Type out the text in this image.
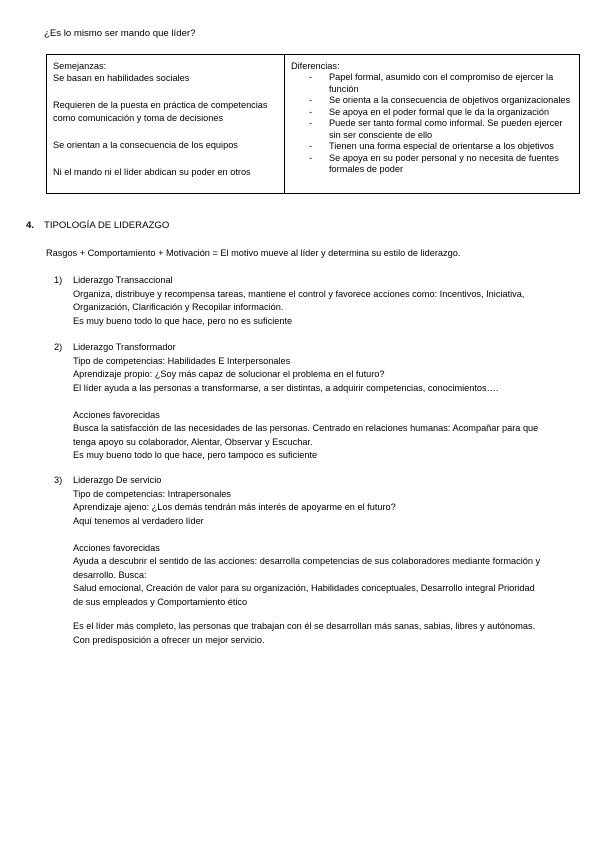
¿Es lo mismo ser mando que líder?
Semejanzas:
Se basan en habilidades sociales
Requieren de la puesta en práctica de competencias como comunicación y toma de decisiones
Se orientan a la consecuencia de los equipos
Ni el mando ni el líder abdican su poder en otros

Diferencias:
- Papel formal, asumido con el compromiso de ejercer la función
- Se orienta a la consecuencia de objetivos organizacionales
- Se apoya en el poder formal que le da la organización
- Puede ser tanto formal como informal. Se pueden ejercer sin ser consciente de ello
- Tienen una forma especial de orientarse a los objetivos
- Se apoya en su poder personal y no necesita de fuentes formales de poder
4. TIPOLOGÍA DE LIDERAZGO
Rasgos + Comportamiento + Motivación = El motivo mueve al líder y determina su estilo de liderazgo.
1)	Liderazgo Transaccional
Organiza, distribuye y recompensa tareas, mantiene el control y favorece acciones como: Incentivos, Iniciativa,
Organización, Clarificación y Recopilar información.
Es muy bueno todo lo que hace, pero no es suficiente
2)	Liderazgo Transformador
Tipo de competencias: Habilidades E Interpersonales
Aprendizaje propio: ¿Soy más capaz de solucionar el problema en el futuro?
El líder ayuda a las personas a transformarse, a ser distintas, a adquirir competencias, conocimientos….
Acciones favorecidas
Busca la satisfacción de las necesidades de las personas. Centrado en relaciones humanas: Acompañar para que
tenga apoyo su colaborador, Alentar, Observar y Escuchar.
Es muy bueno todo lo que hace, pero tampoco es suficiente
3)	Liderazgo De servicio
Tipo de competencias: Intrapersonales
Aprendizaje ajeno: ¿Los demás tendrán más interés de apoyarme en el futuro?
Aquí tenemos al verdadero líder
Acciones favorecidas
Ayuda a descubrir el sentido de las acciones: desarrolla competencias de sus colaboradores mediante formación y
desarrollo. Busca:
Salud emocional, Creación de valor para su organización, Habilidades conceptuales, Desarrollo integral Prioridad
de sus empleados y Comportamiento ético
Es el líder más completo, las personas que trabajan con él se desarrollan más sanas, sabias, libres y autónomas.
Con predisposición a ofrecer un mejor servicio.
